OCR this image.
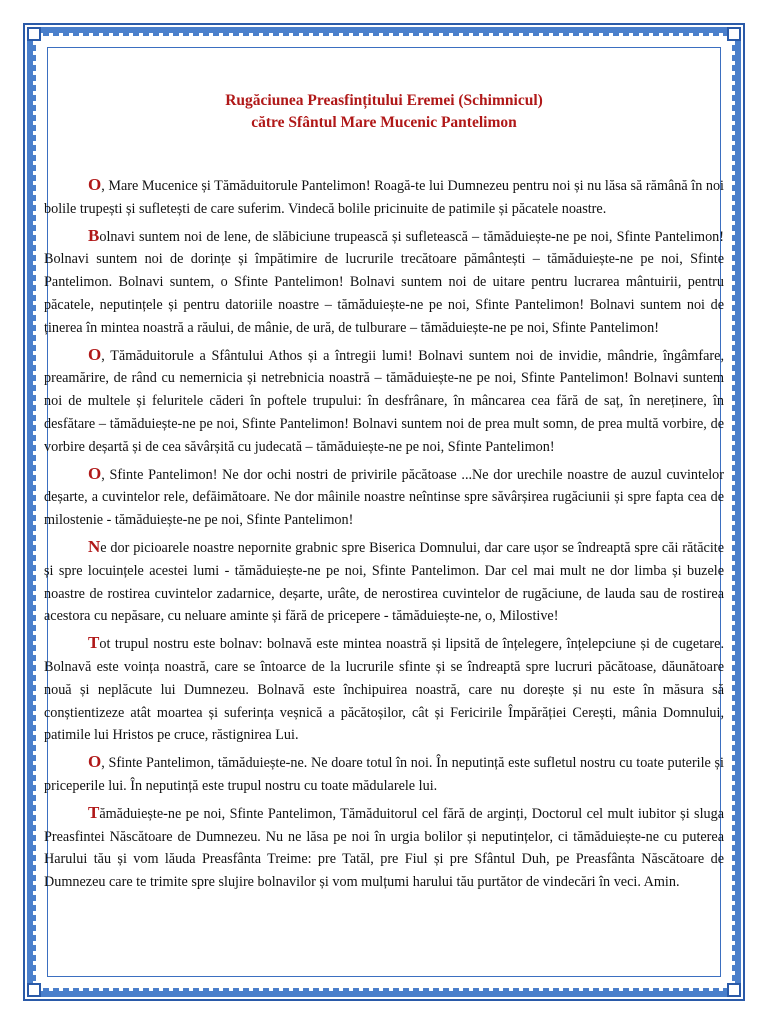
Rugăciunea Preasfințitului Eremei (Schimnicul)
către Sfântul Mare Mucenic Pantelimon

O, Mare Mucenice și Tămăduitorule Pantelimon! Roagă-te lui Dumnezeu pentru noi și nu lăsa să rămână în noi bolile trupești și sufletești de care suferim. Vindecă bolile pricinuite de patimile și păcatele noastre.

Bolnavi suntem noi de lene, de slăbiciune trupească și sufletească – tămăduiește-ne pe noi, Sfinte Pantelimon! Bolnavi suntem noi de dorințe și împătimire de lucrurile trecătoare pământești – tămăduiește-ne pe noi, Sfinte Pantelimon. Bolnavi suntem, o Sfinte Pantelimon! Bolnavi suntem noi de uitare pentru lucrarea mântuirii, pentru păcatele, neputințele și pentru datoriile noastre – tămăduiește-ne pe noi, Sfinte Pantelimon! Bolnavi suntem noi de ținerea în mintea noastră a răului, de mânie, de ură, de tulburare – tămăduiește-ne pe noi, Sfinte Pantelimon!

O, Tămăduitorule a Sfântului Athos și a întregii lumi! Bolnavi suntem noi de invidie, mândrie, îngâmfare, preamărire, de rând cu nemernicia și netrebnicia noastră – tămăduiește-ne pe noi, Sfinte Pantelimon! Bolnavi suntem noi de multele și feluritele căderi în poftele trupului: în desfrânare, în mâncarea cea fără de saț, în nereținere, în desfătare – tămăduiește-ne pe noi, Sfinte Pantelimon! Bolnavi suntem noi de prea mult somn, de prea multă vorbire, de vorbire deșartă și de cea săvârșită cu judecată – tămăduiește-ne pe noi, Sfinte Pantelimon!

O, Sfinte Pantelimon! Ne dor ochi nostri de privirile păcătoase ...Ne dor urechile noastre de auzul cuvintelor deșarte, a cuvintelor rele, defăimătoare. Ne dor mâinile noastre neîntinse spre săvârșirea rugăciunii și spre fapta cea de milostenie - tămăduiește-ne pe noi, Sfinte Pantelimon!

Ne dor picioarele noastre nepornite grabnic spre Biserica Domnului, dar care ușor se îndreaptă spre căi rătăcite și spre locuințele acestei lumi - tămăduiește-ne pe noi, Sfinte Pantelimon. Dar cel mai mult ne dor limba și buzele noastre de rostirea cuvintelor zadarnice, deșarte, urâte, de nerostirea cuvintelor de rugăciune, de lauda sau de rostirea acestora cu nepăsare, cu neluare aminte și fără de pricepere - tămăduiește-ne, o, Milostive!

Tot trupul nostru este bolnav: bolnavă este mintea noastră și lipsită de înțelegere, înțelepciune și de cugetare. Bolnavă este voința noastră, care se întoarce de la lucrurile sfinte și se îndreaptă spre lucruri păcătoase, dăunătoare nouă și neplăcute lui Dumnezeu. Bolnavă este închipuirea noastră, care nu dorește și nu este în măsura să conștientizeze atât moartea și suferința veșnică a păcătoșilor, cât și Fericirile Împărăției Cerești, mânia Domnului, patimile lui Hristos pe cruce, răstignirea Lui.

O, Sfinte Pantelimon, tămăduiește-ne. Ne doare totul în noi. În neputință este sufletul nostru cu toate puterile și priceperile lui. În neputință este trupul nostru cu toate mădularele lui.

Tămăduiește-ne pe noi, Sfinte Pantelimon, Tămăduitorul cel fără de arginți, Doctorul cel mult iubitor și sluga Preasfintei Născătoare de Dumnezeu. Nu ne lăsa pe noi în urgia bolilor și neputințelor, ci tămăduiește-ne cu puterea Harului tău și vom lăuda Preasfânta Treime: pre Tatăl, pre Fiul și pre Sfântul Duh, pe Preasfânta Născătoare de Dumnezeu care te trimite spre slujire bolnavilor și vom mulțumi harului tău purtător de vindecări în veci. Amin.
